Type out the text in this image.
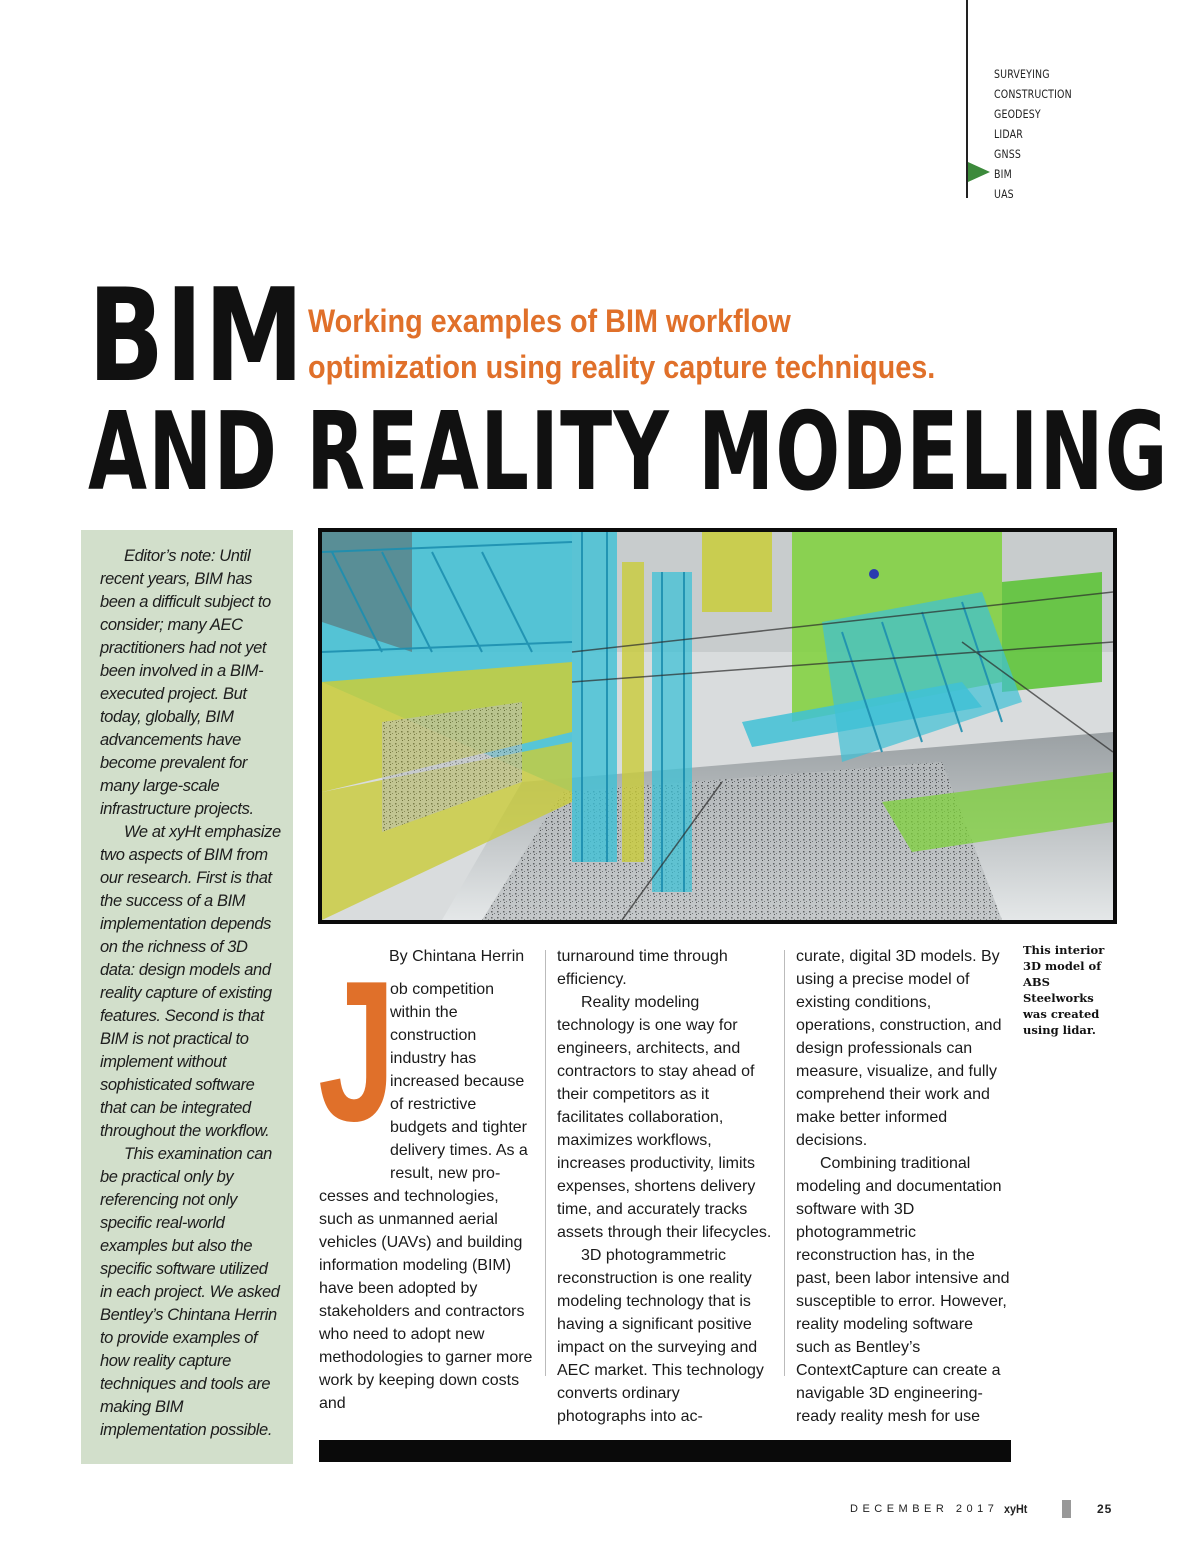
SURVEYING
CONSTRUCTION
GEODESY
LIDAR
GNSS
BIM
UAS
BIM
AND REALITY MODELING

Working examples of BIM workflow optimization using reality capture techniques.

Editor’s note: Until recent years, BIM has been a difficult subject to consider; many AEC practitioners had not yet been involved in a BIM-executed project. But today, globally, BIM advancements have become prevalent for many large-scale infrastructure projects.

We at xyHt emphasize two aspects of BIM from our research. First is that the success of a BIM implementation depends on the richness of 3D data: design models and reality capture of existing features. Second is that BIM is not practical to implement without sophisticated software that can be integrated throughout the workflow.

This examination can be practical only by referencing not only specific real-world examples but also the specific software utilized in each project. We asked Bentley’s Chintana Herrin to provide examples of how reality capture techniques and tools are making BIM implementation possible.

This interior 3D model of ABS Steelworks was created using lidar.

J

By Chintana Herrin

ob competition within the construction industry has increased because of restrictive budgets and tighter delivery times. As a result, new pro-

cesses and technologies, such as unmanned aerial vehicles (UAVs) and building information modeling (BIM) have been adopted by stakeholders and contractors who need to adopt new methodologies to garner more work by keeping down costs and

turnaround time through efficiency.

Reality modeling technology is one way for engineers, architects, and contractors to stay ahead of their competitors as it facilitates collaboration, maximizes workflows, increases productivity, limits expenses, shortens delivery time, and accurately tracks assets through their lifecycles.

3D photogrammetric reconstruction is one reality modeling technology that is having a significant positive impact on the surveying and AEC market. This technology converts ordinary photographs into ac-

curate, digital 3D models. By using a precise model of existing conditions, operations, construction, and design professionals can measure, visualize, and fully comprehend their work and make better informed decisions.

Combining traditional modeling and documentation software with 3D photogrammetric reconstruction has, in the past, been labor intensive and susceptible to error. However, reality modeling software such as Bentley’s ContextCapture can create a navigable 3D engineering-ready reality mesh for use

DECEMBER 2017 xyHt	25
